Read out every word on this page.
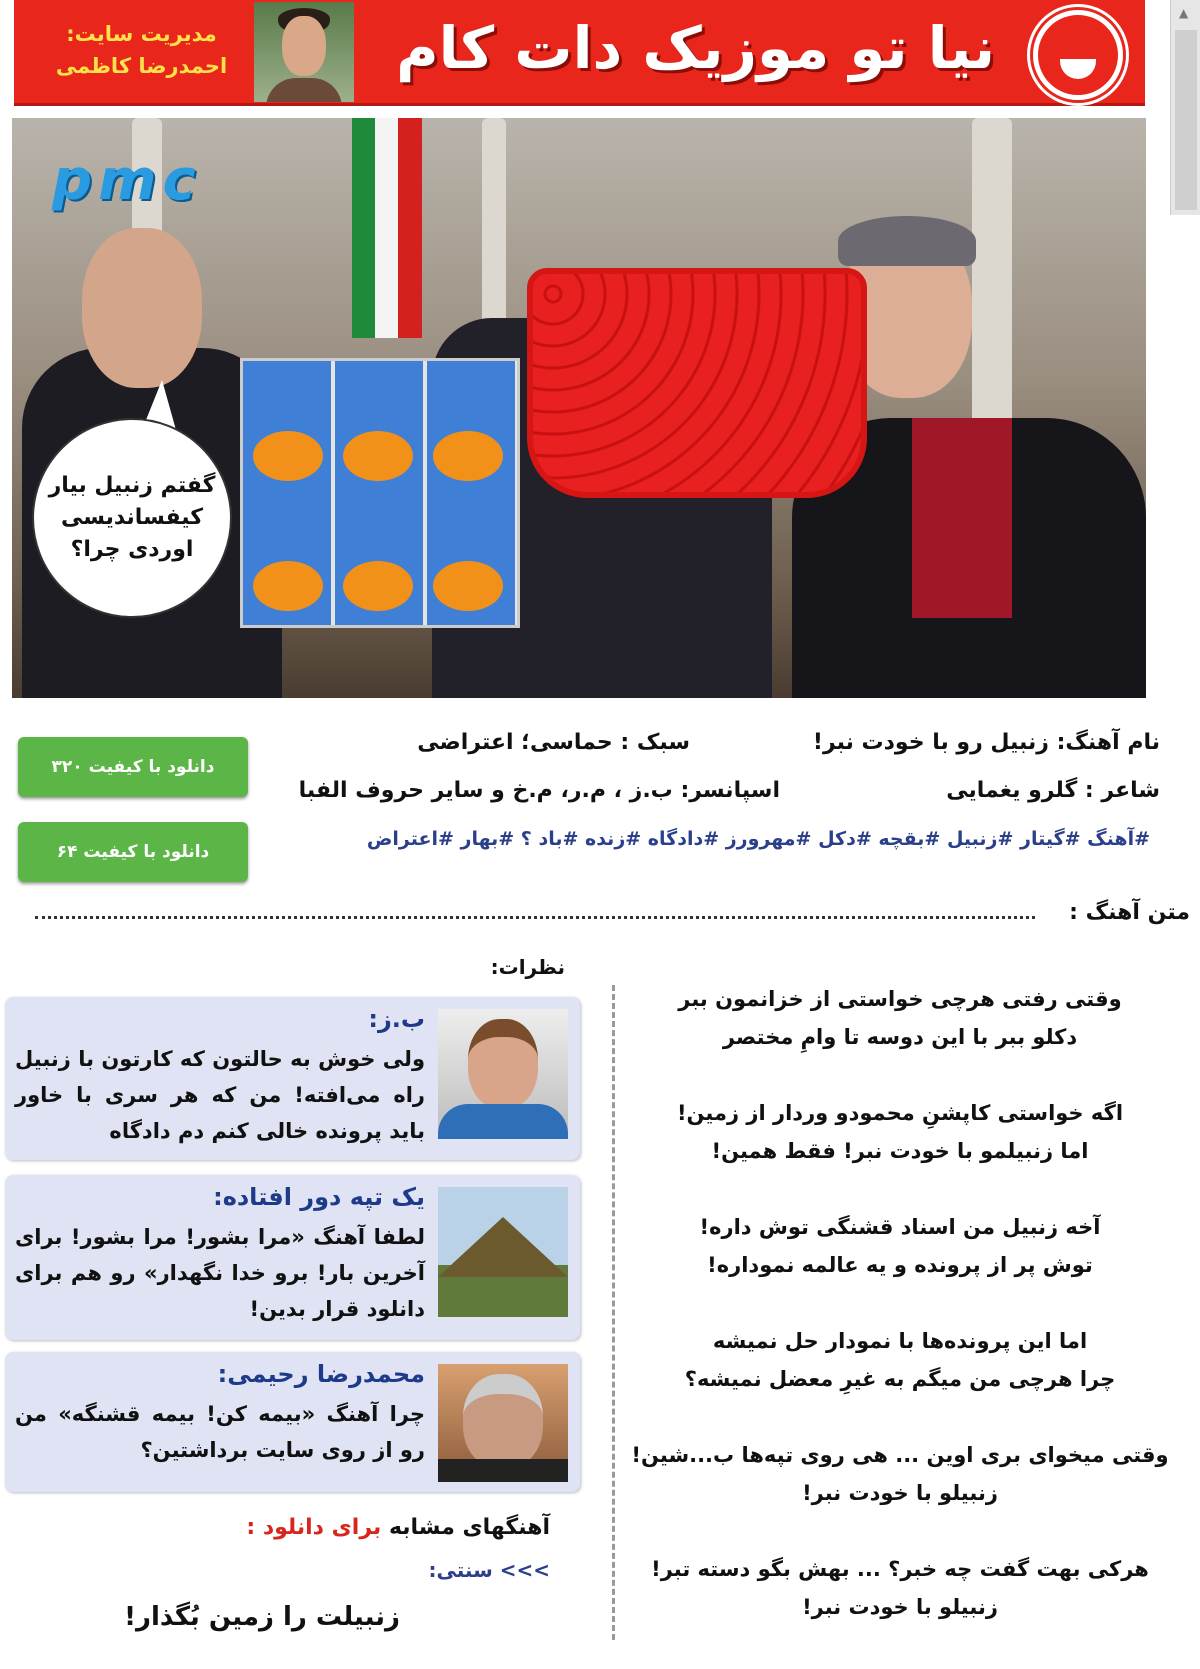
نیا تو موزیک دات کام
مدیریت سایت:
احمدرضا کاظمی
▲
pmc
گفتم زنبیل بیار
کیفسانديسی
اوردی چرا؟
دانلود با کیفیت ۳۲۰
دانلود با کیفیت ۶۴
نام آهنگ: زنبیل رو با خودت نبر!
سبک : حماسی؛ اعتراضی
شاعر : گلرو یغمایی
اسپانسر: ب.ز ، م.ر، م.خ و سایر حروف الفبا
#آهنگ #گیتار #زنبیل #بقچه #دکل #مهرورز #دادگاه #زنده #باد ؟ #بهار #اعتراض
متن آهنگ :
نظرات:
ب.ز:
ولی خوش به حالتون که کارتون با زنبیل راه می‌افته! من که هر سری با خاور باید پرونده خالی کنم دم دادگاه
یک تپه دور افتاده:
لطفا آهنگ «مرا بشور! مرا بشور! برای آخرین بار! برو خدا نگهدار» رو هم برای دانلود قرار بدین!
محمدرضا رحیمی:
چرا آهنگ «بیمه کن! بیمه قشنگه» من رو از روی سایت برداشتین؟
وقتی رفتی هرچی خواستی از خزانمون ببر
دکلو ببر با این دوسه تا وامِ مختصر
اگه خواستی کاپشنِ محمودو وردار از زمین!
اما زنبیلمو با خودت نبر! فقط همین!
آخه زنبیل من اسناد قشنگی توش داره!
توش پر از پرونده و یه عالمه نموداره!
اما این پرونده‌ها با نمودار حل نمیشه
چرا هرچی من میگم به غیرِ معضل نمیشه؟
وقتی میخوای بری اوین ... هی روی تپه‌ها ب...شین!
زنبیلو با خودت نبر!
هرکی بهت گفت چه خبر؟ ... بهش بگو دسته تبر!
زنبیلو با خودت نبر!
آهنگهای مشابه برای دانلود :
>>> سنتی:
زنبیلت را زمین بُگذار!
